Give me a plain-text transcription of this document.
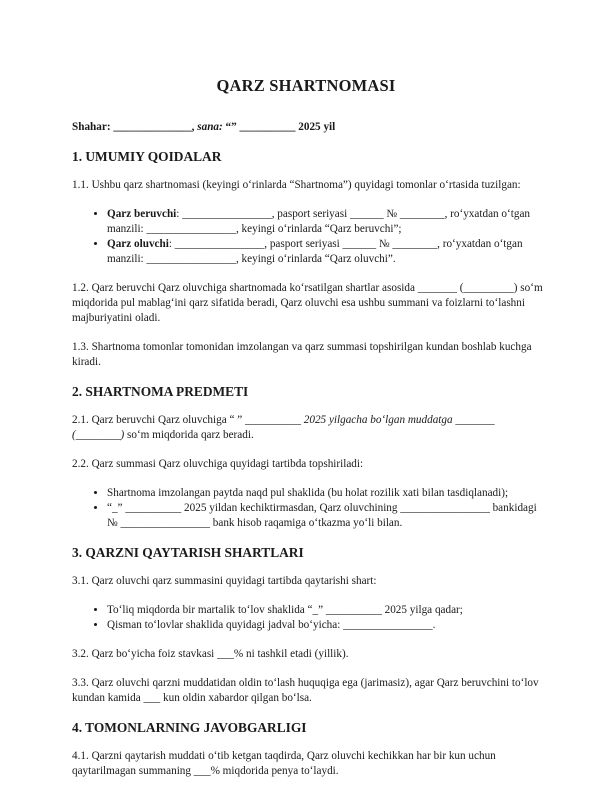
QARZ SHARTNOMASI
Shahar: ______________, sana: “” __________ 2025 yil
1. UMUMIY QOIDALAR

1.1. Ushbu qarz shartnomasi (keyingi o‘rinlarda “Shartnoma”) quyidagi tomonlar o‘rtasida tuzilgan:

• Qarz beruvchi: ________________, pasport seriyasi ______ № ________, ro‘yxatdan o‘tgan manzili: ________________, keyingi o‘rinlarda “Qarz beruvchi”;
• Qarz oluvchi: ________________, pasport seriyasi ______ № ________, ro‘yxatdan o‘tgan manzili: ________________, keyingi o‘rinlarda “Qarz oluvchi”.

1.2. Qarz beruvchi Qarz oluvchiga shartnomada ko‘rsatilgan shartlar asosida _______ (_________) so‘m miqdorida pul mablag‘ini qarz sifatida beradi, Qarz oluvchi esa ushbu summani va foizlarni to‘lashni majburiyatini oladi.

1.3. Shartnoma tomonlar tomonidan imzolangan va qarz summasi topshirilgan kundan boshlab kuchga kiradi.

2. SHARTNOMA PREDMETI

2.1. Qarz beruvchi Qarz oluvchiga “ ” __________ 2025 yilgacha bo‘lgan muddatga _______ (________) so‘m miqdorida qarz beradi.

2.2. Qarz summasi Qarz oluvchiga quyidagi tartibda topshiriladi:

• Shartnoma imzolangan paytda naqd pul shaklida (bu holat rozilik xati bilan tasdiqlanadi);
• “_” __________ 2025 yildan kechiktirmasdan, Qarz oluvchining ________________ bankidagi № ________________ bank hisob raqamiga o‘tkazma yo‘li bilan.
3. QARZNI QAYTARISH SHARTLARI

3.1. Qarz oluvchi qarz summasini quyidagi tartibda qaytarishi shart:

• To‘liq miqdorda bir martalik to‘lov shaklida “_” __________ 2025 yilga qadar;
• Qisman to‘lovlar shaklida quyidagi jadval bo‘yicha: ________________.

3.2. Qarz bo‘yicha foiz stavkasi ___% ni tashkil etadi (yillik).

3.3. Qarz oluvchi qarzni muddatidan oldin to‘lash huquqiga ega (jarimasiz), agar Qarz beruvchini to‘lov kundan kamida ___ kun oldin xabardor qilgan bo‘lsa.

4. TOMONLARNING JAVOBGARLIGI

4.1. Qarzni qaytarish muddati o‘tib ketgan taqdirda, Qarz oluvchi kechikkan har bir kun uchun qaytarilmagan summaning ___% miqdorida penya to‘laydi.
